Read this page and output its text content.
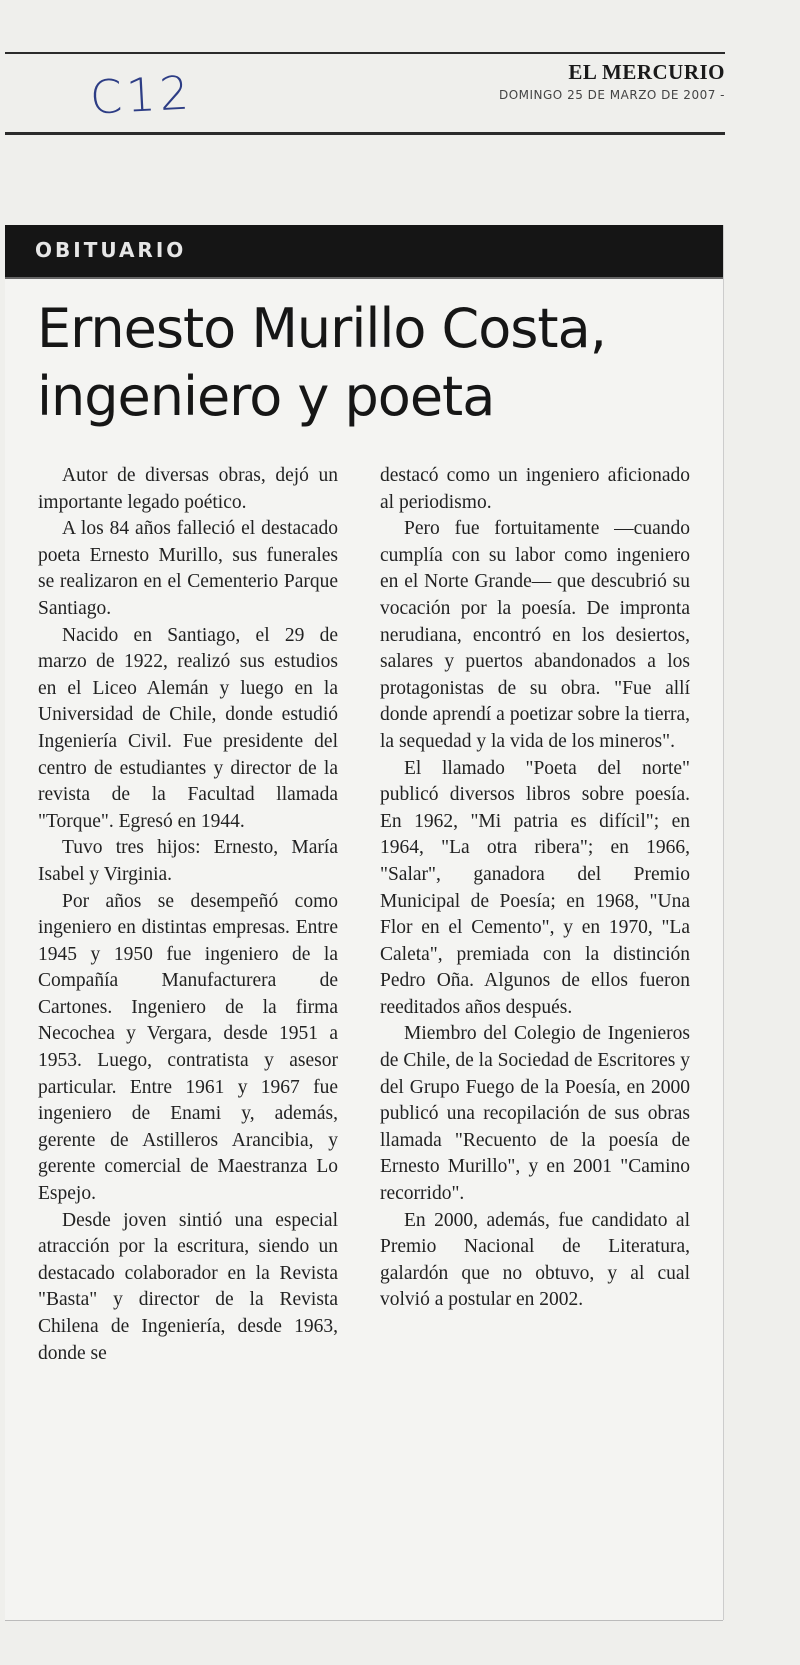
C12	EL MERCURIO
DOMINGO 25 DE MARZO DE 2007 -
OBITUARIO
Ernesto Murillo Costa,
ingeniero y poeta

Autor de diversas obras, dejó un importante legado poético.

A los 84 años falleció el destacado poeta Ernesto Murillo, sus funerales se realizaron en el Cementerio Parque Santiago.

Nacido en Santiago, el 29 de marzo de 1922, realizó sus estudios en el Liceo Alemán y luego en la Universidad de Chile, donde estudió Ingeniería Civil. Fue presidente del centro de estudiantes y director de la revista de la Facultad llamada "Torque". Egresó en 1944.

Tuvo tres hijos: Ernesto, María Isabel y Virginia.

Por años se desempeñó como ingeniero en distintas empresas. Entre 1945 y 1950 fue ingeniero de la Compañía Manufacturera de Cartones. Ingeniero de la firma Necochea y Vergara, desde 1951 a 1953. Luego, contratista y asesor particular. Entre 1961 y 1967 fue ingeniero de Enami y, además, gerente de Astilleros Arancibia, y gerente comercial de Maestranza Lo Espejo.

Desde joven sintió una especial atracción por la escritura, siendo un destacado colaborador en la Revista "Basta" y director de la Revista Chilena de Ingeniería, desde 1963, donde se

destacó como un ingeniero aficionado al periodismo.

Pero fue fortuitamente —cuando cumplía con su labor como ingeniero en el Norte Grande— que descubrió su vocación por la poesía. De impronta nerudiana, encontró en los desiertos, salares y puertos abandonados a los protagonistas de su obra. "Fue allí donde aprendí a poetizar sobre la tierra, la sequedad y la vida de los mineros".

El llamado "Poeta del norte" publicó diversos libros sobre poesía. En 1962, "Mi patria es difícil"; en 1964, "La otra ribera"; en 1966, "Salar", ganadora del Premio Municipal de Poesía; en 1968, "Una Flor en el Cemento", y en 1970, "La Caleta", premiada con la distinción Pedro Oña. Algunos de ellos fueron reeditados años después.

Miembro del Colegio de Ingenieros de Chile, de la Sociedad de Escritores y del Grupo Fuego de la Poesía, en 2000 publicó una recopilación de sus obras llamada "Recuento de la poesía de Ernesto Murillo", y en 2001 "Camino recorrido".

En 2000, además, fue candidato al Premio Nacional de Literatura, galardón que no obtuvo, y al cual volvió a postular en 2002.
